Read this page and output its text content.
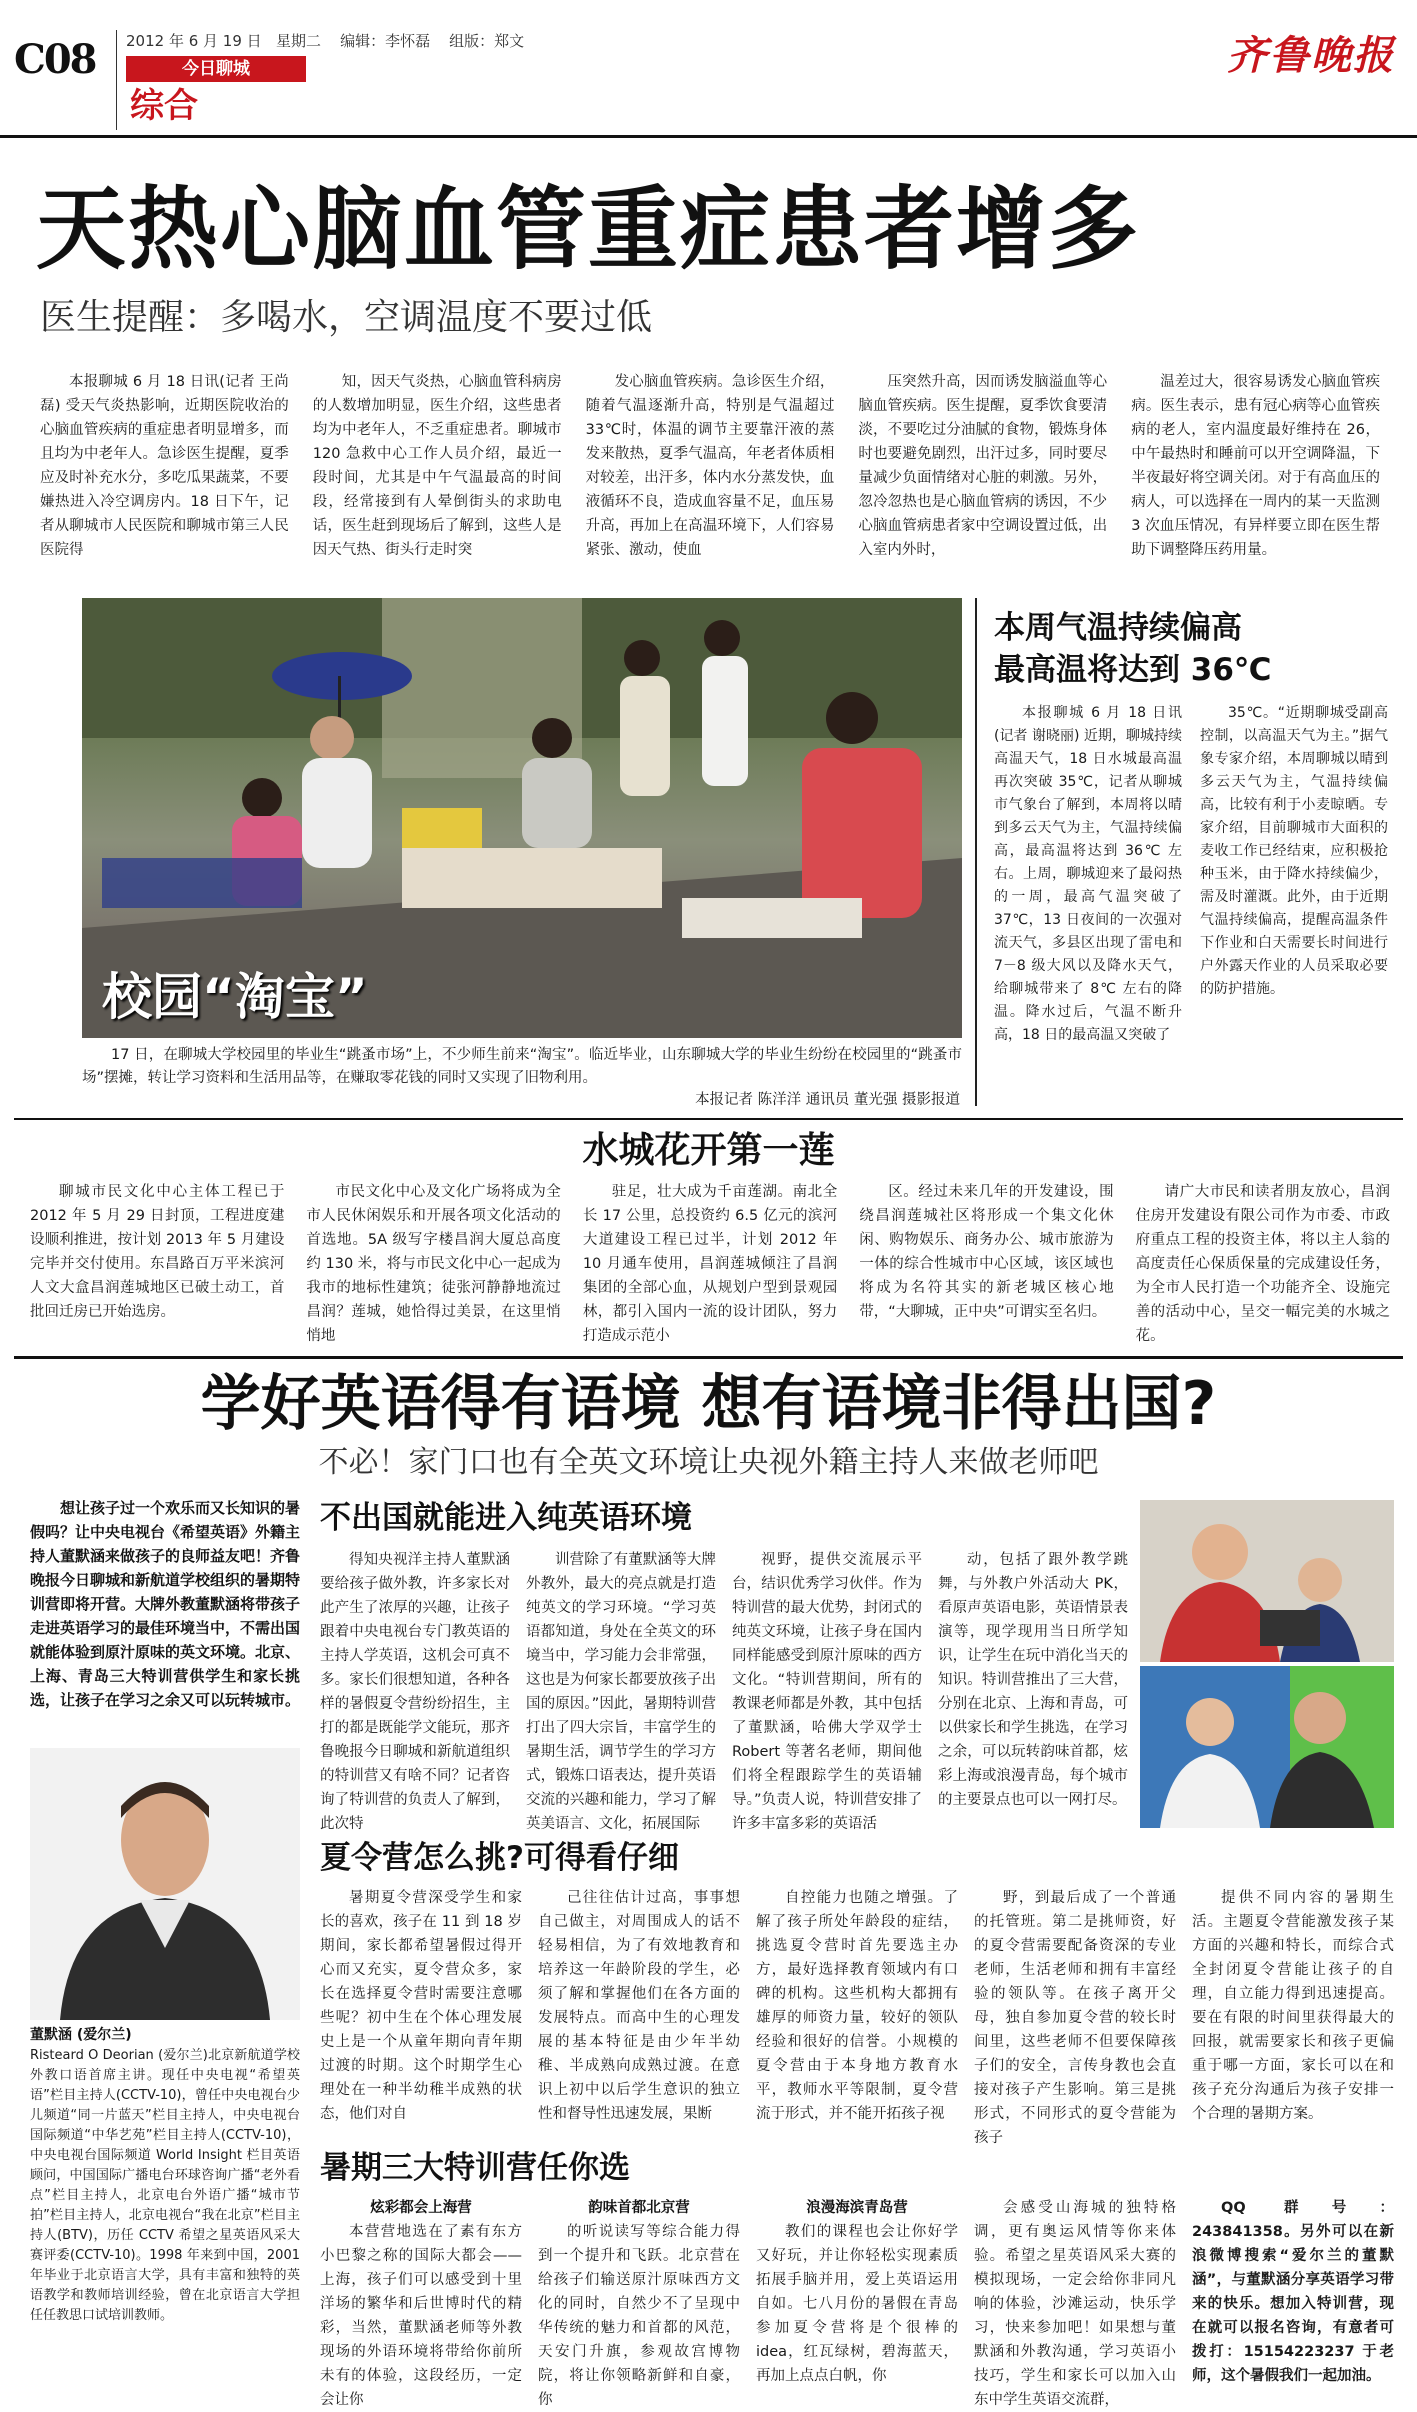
C08 2012 年 6 月 19 日 星期二 编辑：李怀磊 组版：郑文
今日聊城
综合
齐鲁晚报
天热心脑血管重症患者增多
医生提醒：多喝水，空调温度不要过低

本报聊城 6 月 18 日讯(记者 王尚磊) 受天气炎热影响，近期医院收治的心脑血管疾病的重症患者明显增多，而且均为中老年人。急诊医生提醒，夏季应及时补充水分，多吃瓜果蔬菜，不要嫌热进入冷空调房内。18 日下午，记者从聊城市人民医院和聊城市第三人民医院得

知，因天气炎热，心脑血管科病房的人数增加明显，医生介绍，这些患者均为中老年人，不乏重症患者。聊城市 120 急救中心工作人员介绍，最近一段时间，尤其是中午气温最高的时间段，经常接到有人晕倒街头的求助电话，医生赶到现场后了解到，这些人是因天气热、街头行走时突

发心脑血管疾病。急诊医生介绍，随着气温逐渐升高，特别是气温超过 33℃时，体温的调节主要靠汗液的蒸发来散热，夏季气温高，年老者体质相对较差，出汗多，体内水分蒸发快，血液循环不良，造成血容量不足，血压易升高，再加上在高温环境下，人们容易紧张、激动，使血

压突然升高，因而诱发脑溢血等心脑血管疾病。医生提醒，夏季饮食要清淡，不要吃过分油腻的食物，锻炼身体时也要避免剧烈，出汗过多，同时要尽量减少负面情绪对心脏的刺激。另外，忽冷忽热也是心脑血管病的诱因，不少心脑血管病患者家中空调设置过低，出入室内外时，

温差过大，很容易诱发心脑血管疾病。医生表示，患有冠心病等心血管疾病的老人，室内温度最好维持在 26，中午最热时和睡前可以开空调降温，下半夜最好将空调关闭。对于有高血压的病人，可以选择在一周内的某一天监测 3 次血压情况，有异样要立即在医生帮助下调整降压药用量。

校园“淘宝”
17 日，在聊城大学校园里的毕业生“跳蚤市场”上，不少师生前来“淘宝”。临近毕业，山东聊城大学的毕业生纷纷在校园里的“跳蚤市场”摆摊，转让学习资料和生活用品等，在赚取零花钱的同时又实现了旧物利用。
本报记者 陈洋洋 通讯员 董光强 摄影报道
本周气温持续偏高
最高温将达到 36℃

本报聊城 6 月 18 日讯(记者 谢晓丽) 近期，聊城持续高温天气，18 日水城最高温再次突破 35℃，记者从聊城市气象台了解到，本周将以晴到多云天气为主，气温持续偏高，最高温将达到 36℃ 左右。上周，聊城迎来了最闷热的一周，最高气温突破了 37℃，13 日夜间的一次强对流天气，多县区出现了雷电和 7－8 级大风以及降水天气，给聊城带来了 8℃ 左右的降温。降水过后，气温不断升高，18 日的最高温又突破了

35℃。“近期聊城受副高控制，以高温天气为主。”据气象专家介绍，本周聊城以晴到多云天气为主，气温持续偏高，比较有利于小麦晾晒。专家介绍，目前聊城市大面积的麦收工作已经结束，应积极抢种玉米，由于降水持续偏少，需及时灌溉。此外，由于近期气温持续偏高，提醒高温条件下作业和白天需要长时间进行户外露天作业的人员采取必要的防护措施。

水城花开第一莲

聊城市民文化中心主体工程已于 2012 年 5 月 29 日封顶，工程进度建设顺利推进，按计划 2013 年 5 月建设完毕并交付使用。东昌路百万平米滨河人文大盒昌润莲城地区已破土动工，首批回迁房已开始选房。

市民文化中心及文化广场将成为全市人民休闲娱乐和开展各项文化活动的首选地。5A 级写字楼昌润大厦总高度约 130 米，将与市民文化中心一起成为我市的地标性建筑；徒张河静静地流过昌润？莲城，她恰得过美景，在这里悄悄地

驻足，壮大成为千亩莲湖。南北全长 17 公里，总投资约 6.5 亿元的滨河大道建设工程已过半，计划 2012 年 10 月通车使用，昌润莲城倾注了昌润集团的全部心血，从规划户型到景观园林，都引入国内一流的设计团队，努力打造成示范小

区。经过未来几年的开发建设，围绕昌润莲城社区将形成一个集文化休闲、购物娱乐、商务办公、城市旅游为一体的综合性城市中心区域，该区域也将成为名符其实的新老城区核心地带，“大聊城，正中央”可谓实至名归。

请广大市民和读者朋友放心，昌润住房开发建设有限公司作为市委、市政府重点工程的投资主体，将以主人翁的高度责任心保质保量的完成建设任务，为全市人民打造一个功能齐全、设施完善的活动中心，呈交一幅完美的水城之花。

学好英语得有语境 想有语境非得出国?
不必！家门口也有全英文环境让央视外籍主持人来做老师吧
想让孩子过一个欢乐而又长知识的暑假吗？让中央电视台《希望英语》外籍主持人董默涵来做孩子的良师益友吧！齐鲁晚报今日聊城和新航道学校组织的暑期特训营即将开营。大牌外教董默涵将带孩子走进英语学习的最佳环境当中，不需出国就能体验到原汁原味的英文环境。北京、上海、青岛三大特训营供学生和家长挑选，让孩子在学习之余又可以玩转城市。
董默涵 (爱尔兰)
Risteard O Deorian (爱尔兰)北京新航道学校外教口语首席主讲。现任中央电视“希望英语”栏目主持人(CCTV-10)，曾任中央电视台少儿频道“同一片蓝天”栏目主持人，中央电视台国际频道“中华艺苑”栏目主持人(CCTV-10)，中央电视台国际频道 World Insight 栏目英语顾问，中国国际广播电台环球咨询广播“老外看点”栏目主持人，北京电台外语广播“城市节拍”栏目主持人，北京电视台“我在北京”栏目主持人(BTV)，历任 CCTV 希望之星英语风采大赛评委(CCTV-10)。1998 年来到中国，2001 年毕业于北京语言大学，具有丰富和独特的英语教学和教师培训经验，曾在北京语言大学担任任教思口试培训教师。
不出国就能进入纯英语环境

得知央视洋主持人董默涵要给孩子做外教，许多家长对此产生了浓厚的兴趣，让孩子跟着中央电视台专门教英语的主持人学英语，这机会可真不多。家长们很想知道，各种各样的暑假夏令营纷纷招生，主打的都是既能学文能玩，那齐鲁晚报今日聊城和新航道组织的特训营又有啥不同？记者咨询了特训营的负责人了解到，此次特

训营除了有董默涵等大牌外教外，最大的亮点就是打造纯英文的学习环境。“学习英语都知道，身处在全英文的环境当中，学习能力会非常强，这也是为何家长都要放孩子出国的原因。”因此，暑期特训营打出了四大宗旨，丰富学生的暑期生活，调节学生的学习方式，锻炼口语表达，提升英语交流的兴趣和能力，学习了解英美语言、文化，拓展国际

视野，提供交流展示平台，结识优秀学习伙伴。作为特训营的最大优势，封闭式的纯英文环境，让孩子身在国内同样能感受到原汁原味的西方文化。“特训营期间，所有的教课老师都是外教，其中包括了董默涵，哈佛大学双学士 Robert 等著名老师，期间他们将全程跟踪学生的英语辅导。”负责人说，特训营安排了许多丰富多彩的英语活

动，包括了跟外教学跳舞，与外教户外活动大 PK，看原声英语电影，英语情景表演等，现学现用当日所学知识，让学生在玩中消化当天的知识。特训营推出了三大营，分别在北京、上海和青岛，可以供家长和学生挑选，在学习之余，可以玩转韵味首都，炫彩上海或浪漫青岛，每个城市的主要景点也可以一网打尽。

夏令营怎么挑?可得看仔细

暑期夏令营深受学生和家长的喜欢，孩子在 11 到 18 岁期间，家长都希望暑假过得开心而又充实，夏令营众多，家长在选择夏令营时需要注意哪些呢？初中生在个体心理发展史上是一个从童年期向青年期过渡的时期。这个时期学生心理处在一种半幼稚半成熟的状态，他们对自

己往往估计过高，事事想自己做主，对周围成人的话不轻易相信，为了有效地教育和培养这一年龄阶段的学生，必须了解和掌握他们在各方面的发展特点。而高中生的心理发展的基本特征是由少年半幼稚、半成熟向成熟过渡。在意识上初中以后学生意识的独立性和督导性迅速发展，果断

自控能力也随之增强。了解了孩子所处年龄段的症结，挑选夏令营时首先要选主办方，最好选择教育领域内有口碑的机构。这些机构大都拥有雄厚的师资力量，较好的领队经验和很好的信誉。小规模的夏令营由于本身地方教育水平，教师水平等限制，夏令营流于形式，并不能开拓孩子视

野，到最后成了一个普通的托管班。第二是挑师资，好的夏令营需要配备资深的专业老师，生活老师和拥有丰富经验的领队等。在孩子离开父母，独自参加夏令营的较长时间里，这些老师不但要保障孩子们的安全，言传身教也会直接对孩子产生影响。第三是挑形式，不同形式的夏令营能为孩子

提供不同内容的暑期生活。主题夏令营能激发孩子某方面的兴趣和特长，而综合式全封闭夏令营能让孩子的自理，自立能力得到迅速提高。要在有限的时间里获得最大的回报，就需要家长和孩子更偏重于哪一方面，家长可以在和孩子充分沟通后为孩子安排一个合理的暑期方案。

暑期三大特训营任你选
炫彩都会上海营

本营营地选在了素有东方小巴黎之称的国际大都会——上海，孩子们可以感受到十里洋场的繁华和后世博时代的精彩，当然，董默涵老师等外教现场的外语环境将带给你前所未有的体验，这段经历，一定会让你

韵味首都北京营

的听说读写等综合能力得到一个提升和飞跃。北京营在给孩子们输送原汁原味西方文化的同时，自然少不了呈现中华传统的魅力和首都的风范，天安门升旗，参观故宫博物院，将让你领略新鲜和自豪，你

浪漫海滨青岛营

教们的课程也会让你好学又好玩，并让你轻松实现素质拓展手脑并用，爱上英语运用自如。七八月份的暑假在青岛参加夏令营将是个很棒的 idea，红瓦绿树，碧海蓝天，再加上点点白帆，你

会感受山海城的独特格调，更有奥运风情等你来体验。希望之星英语风采大赛的模拟现场，一定会给你非同凡响的体验，沙滩运动，快乐学习，快来参加吧！如果想与董默涵和外教沟通，学习英语小技巧，学生和家长可以加入山东中学生英语交流群，

QQ 群号：243841358。另外可以在新浪微博搜索“爱尔兰的董默涵”，与董默涵分享英语学习带来的快乐。想加入特训营，现在就可以报名咨询，有意者可拨打：15154223237 于老师，这个暑假我们一起加油。
